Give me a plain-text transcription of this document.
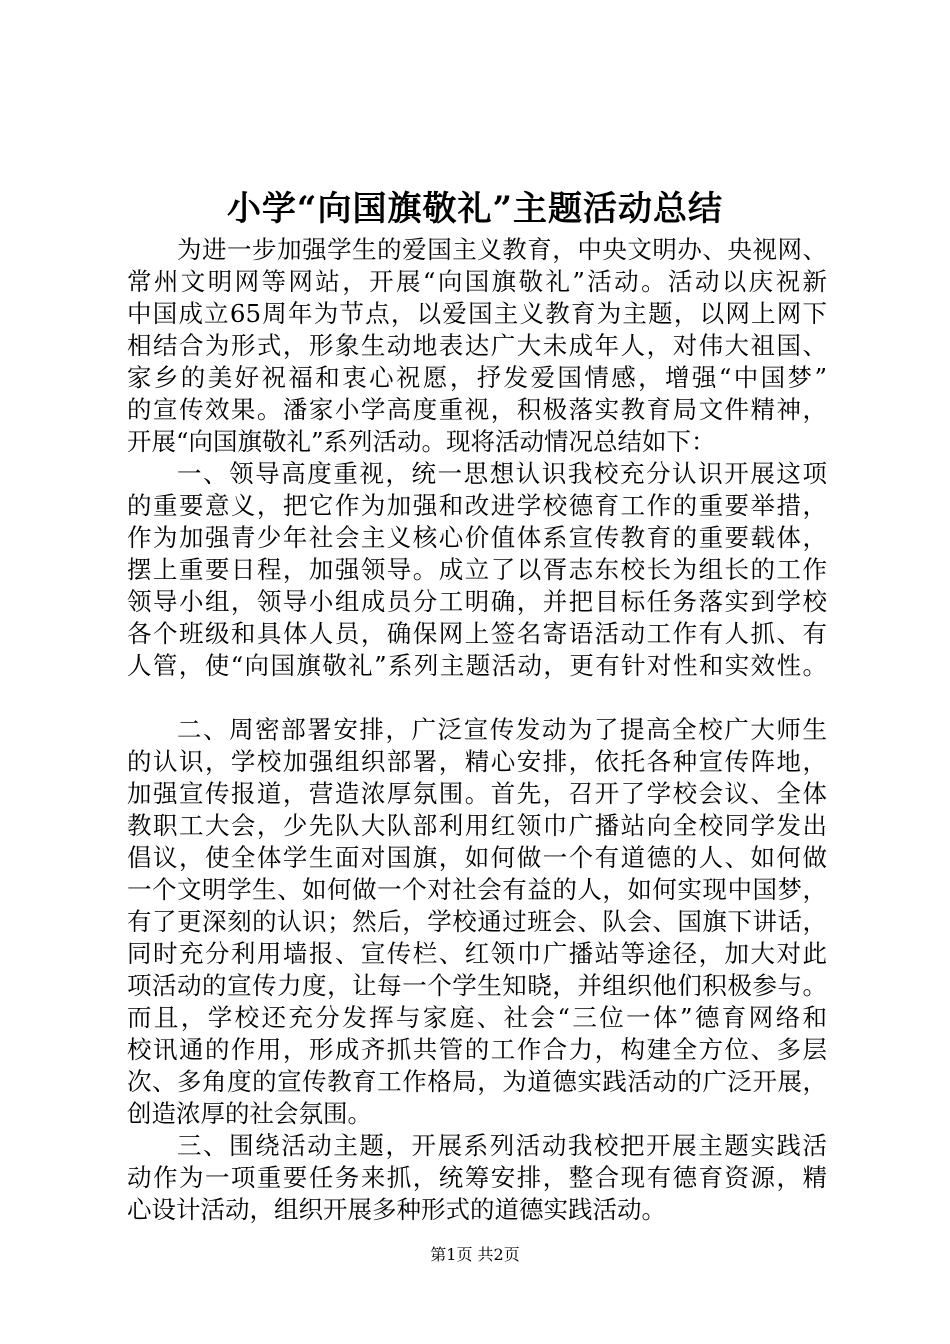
小学“向国旗敬礼”主题活动总结
为进一步加强学生的爱国主义教育，中央文明办、央视网、
常州文明网等网站，开展“向国旗敬礼”活动。活动以庆祝新
中国成立65周年为节点，以爱国主义教育为主题，以网上网下
相结合为形式，形象生动地表达广大未成年人，对伟大祖国、
家乡的美好祝福和衷心祝愿，抒发爱国情感，增强“中国梦”
的宣传效果。潘家小学高度重视，积极落实教育局文件精神，
开展“向国旗敬礼”系列活动。现将活动情况总结如下：
一、领导高度重视，统一思想认识我校充分认识开展这项
的重要意义，把它作为加强和改进学校德育工作的重要举措，
作为加强青少年社会主义核心价值体系宣传教育的重要载体，
摆上重要日程，加强领导。成立了以胥志东校长为组长的工作
领导小组，领导小组成员分工明确，并把目标任务落实到学校
各个班级和具体人员，确保网上签名寄语活动工作有人抓、有
人管，使“向国旗敬礼”系列主题活动，更有针对性和实效性。
二、周密部署安排，广泛宣传发动为了提高全校广大师生
的认识，学校加强组织部署，精心安排，依托各种宣传阵地，
加强宣传报道，营造浓厚氛围。首先，召开了学校会议、全体
教职工大会，少先队大队部利用红领巾广播站向全校同学发出
倡议，使全体学生面对国旗，如何做一个有道德的人、如何做
一个文明学生、如何做一个对社会有益的人，如何实现中国梦，
有了更深刻的认识；然后，学校通过班会、队会、国旗下讲话，
同时充分利用墙报、宣传栏、红领巾广播站等途径，加大对此
项活动的宣传力度，让每一个学生知晓，并组织他们积极参与。
而且，学校还充分发挥与家庭、社会“三位一体”德育网络和
校讯通的作用，形成齐抓共管的工作合力，构建全方位、多层
次、多角度的宣传教育工作格局，为道德实践活动的广泛开展，
创造浓厚的社会氛围。
三、围绕活动主题，开展系列活动我校把开展主题实践活
动作为一项重要任务来抓，统筹安排，整合现有德育资源，精
心设计活动，组织开展多种形式的道德实践活动。
第1页 共2页
